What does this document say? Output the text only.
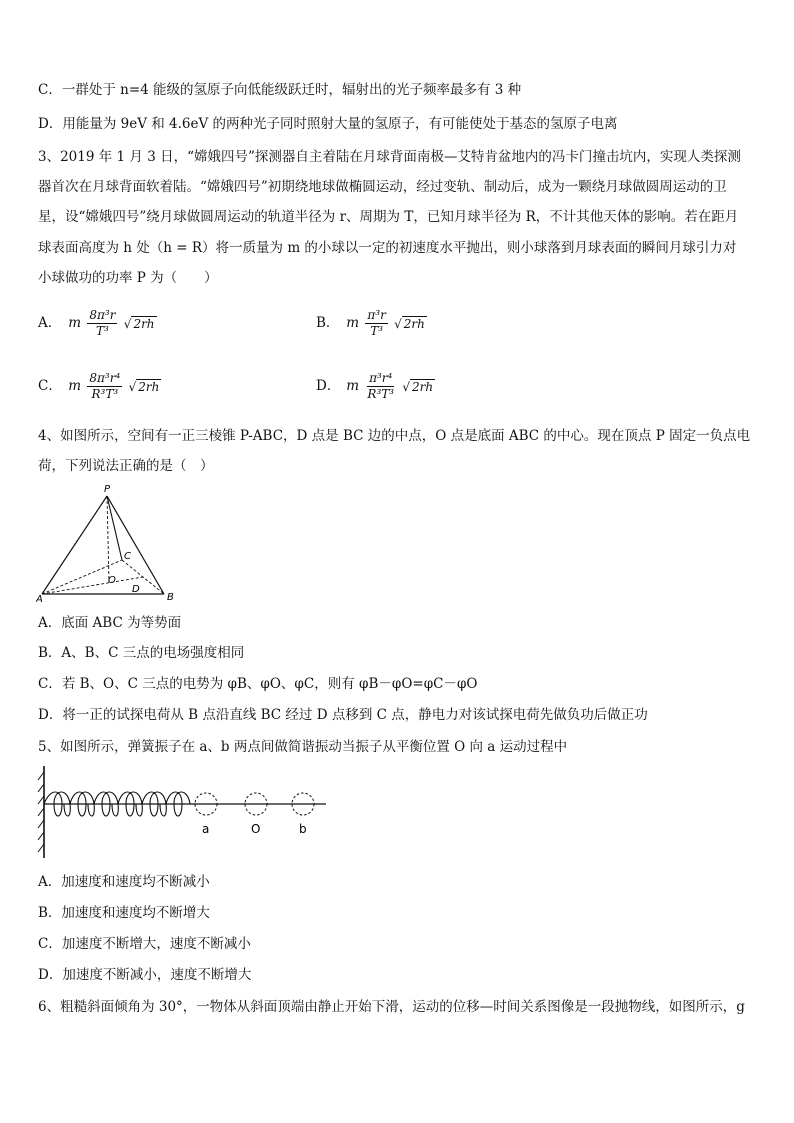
C．一群处于 n=4 能级的氢原子向低能级跃迁时，辐射出的光子频率最多有 3 种
D．用能量为 9eV 和 4.6eV 的两种光子同时照射大量的氢原子，有可能使处于基态的氢原子电离
3、2019 年 1 月 3 日，“嫦娥四号”探测器自主着陆在月球背面南极—艾特肯盆地内的冯卡门撞击坑内，实现人类探测
器首次在月球背面软着陆。“嫦娥四号”初期绕地球做椭圆运动，经过变轨、制动后，成为一颗绕月球做圆周运动的卫
星，设“嫦娥四号”绕月球做圆周运动的轨道半径为 r、周期为 T，已知月球半径为 R，不计其他天体的影响。若在距月
球表面高度为 h 处（h = R）将一质量为 m 的小球以一定的初速度水平抛出，则小球落到月球表面的瞬间月球引力对
小球做功的功率 P 为（　　）
A． m $\frac{\text{8π³r}}{\text{T³}}$ √ 2rh	B． m $\frac{\text{π³r}}{\text{T³}}$ √ 2rh
C． m $\frac{\text{8π³r⁴}}{\text{R³T³}}$ √ 2rh	D． m $\frac{\text{π³r⁴}}{\text{R³T³}}$ √ 2rh
4、如图所示，空间有一正三棱锥 P-ABC，D 点是 BC 边的中点，O 点是底面 ABC 的中心。现在顶点 P 固定一负点电
荷，下列说法正确的是（　）
P
A	B
C
O
D
A．底面 ABC 为等势面
B．A、B、C 三点的电场强度相同
C．若 B、O、C 三点的电势为 φB、φO、φC，则有 φB－φO=φC－φO
D．将一正的试探电荷从 B 点沿直线 BC 经过 D 点移到 C 点，静电力对该试探电荷先做负功后做正功
5、如图所示，弹簧振子在 a、b 两点间做简谐振动当振子从平衡位置 O 向 a 运动过程中
a	O	b
A．加速度和速度均不断减小
B．加速度和速度均不断增大
C．加速度不断增大，速度不断减小
D．加速度不断减小，速度不断增大
6、粗糙斜面倾角为 30°，一物体从斜面顶端由静止开始下滑，运动的位移—时间关系图像是一段抛物线，如图所示，g
